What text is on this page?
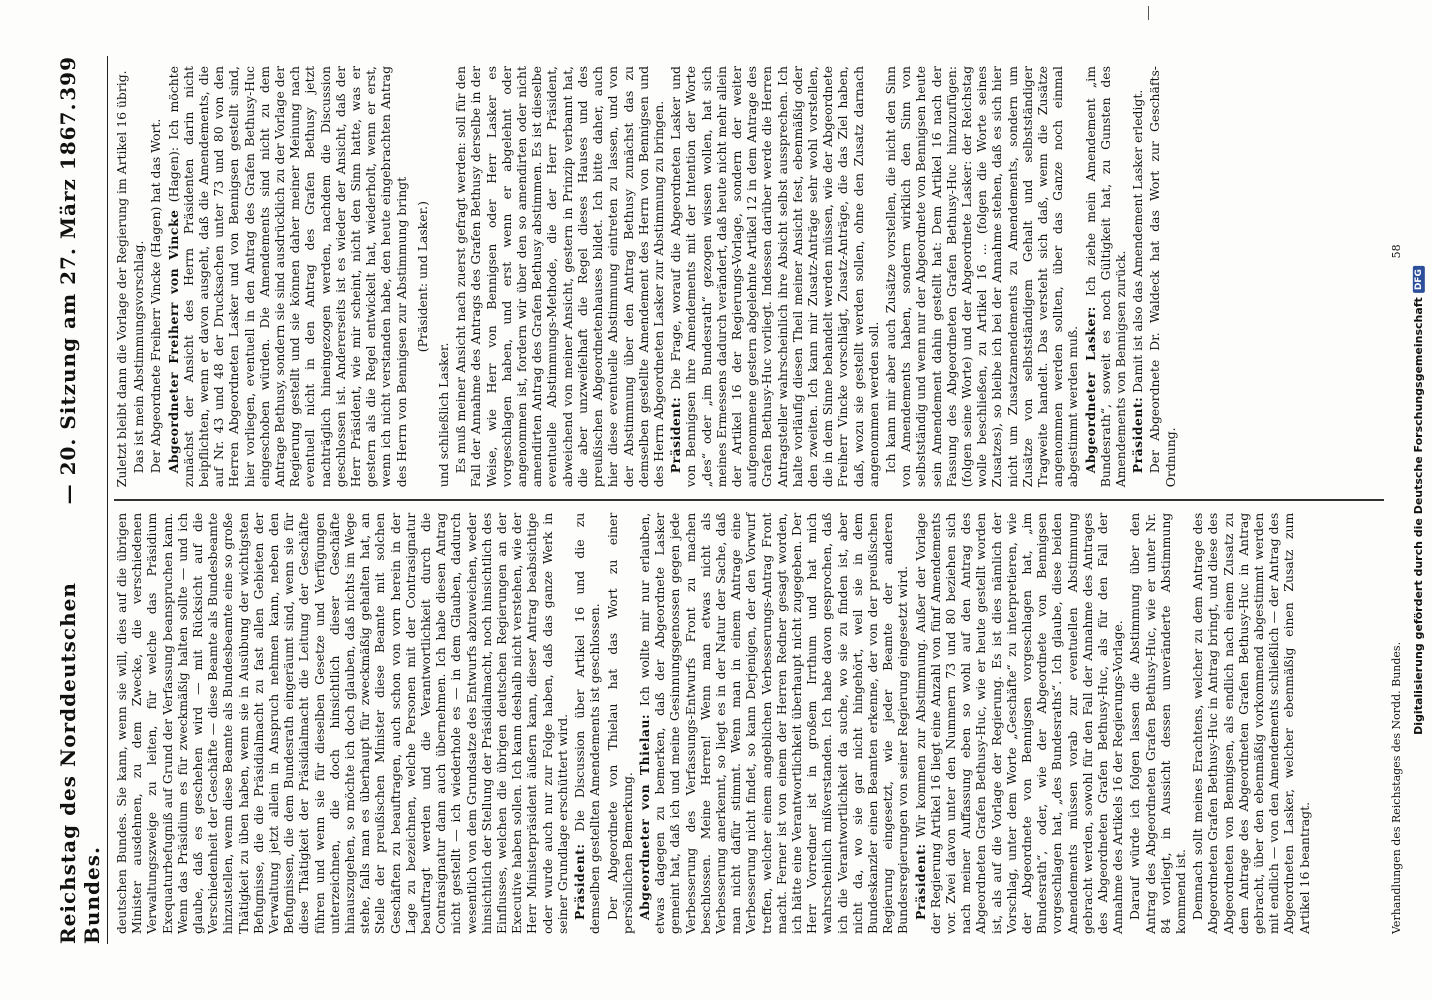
Reichstag des Norddeutschen Bundes.
— 20. Sitzung am 27. März 1867.
399

deutschen Bundes. Sie kann, wenn sie will, dies auf die übrigen Minister ausdehnen, zu dem Zwecke, die verschiedenen Verwaltungszweige zu leiten, für welche das Präsidium Exequaturbefugniß auf Grund der Verfassung beanspruchen kann. Wenn das Präsidium es für zweckmäßig halten sollte — und ich glaube, daß es geschehen wird — mit Rücksicht auf die Verschiedenheit der Geschäfte — diese Beamte als Bundesbeamte hinzustellen, wenn diese Beamte als Bundesbeamte eine so große Thätigkeit zu üben haben, wenn sie in Ausübung der wichtigsten Befugnisse, die die Präsidialmacht zu fast allen Gebieten der Verwaltung jetzt allein in Anspruch nehmen kann, neben den Befugnissen, die dem Bundesrath eingeräumt sind, wenn sie für diese Thätigkeit der Präsidialmacht die Leitung der Geschäfte führen und wenn sie für dieselben Gesetze und Verfügungen unterzeichnen, die doch hinsichtlich dieser Geschäfte hinauszugehen, so möchte ich doch glauben, daß nichts im Wege stehe, falls man es überhaupt für zweckmäßig gehalten hat, an Stelle der preußischen Minister diese Beamte mit solchen Geschäften zu beauftragen, auch schon von vorn herein in der Lage zu bezeichnen, welche Personen mit der Contrasignatur beauftragt werden und die Verantwortlichkeit durch die Contrasignatur dann auch übernehmen. Ich habe diesen Antrag nicht gestellt — ich wiederhole es — in dem Glauben, dadurch wesentlich von dem Grundsatze des Entwurfs abzuweichen, weder hinsichtlich der Stellung der Präsidialmacht, noch hinsichtlich des Einflusses, welchen die übrigen deutschen Regierungen an der Executive haben sollen. Ich kann deshalb nicht verstehen, wie der Herr Ministerpräsident äußern kann, dieser Antrag beabsichtige oder wurde auch nur zur Folge haben, daß das ganze Werk in seiner Grundlage erschüttert wird. Präsident: Die Discussion über Artikel 16 und die zu demselben gestellten Amendements ist geschlossen. Der Abgeordnete von Thielau hat das Wort zu einer persönlichen Bemerkung. Abgeordneter von Thielau: Ich wollte mir nur erlauben, etwas dagegen zu bemerken, daß der Abgeordnete Lasker gemeint hat, daß ich und meine Gesinnungsgenossen gegen jede Verbesserung des Verfassungs-Entwurfs Front zu machen beschlossen. Meine Herren! Wenn man etwas nicht als Verbesserung anerkennt, so liegt es in der Natur der Sache, daß man nicht dafür stimmt. Wenn man in einem Antrage eine Verbesserung nicht findet, so kann Derjenigen, der den Vorwurf treffen, welcher einem angeblichen Verbesserungs-Antrag Front macht. Ferner ist von einem der Herren Redner gesagt worden, ich hätte eine Verantwortlichkeit überhaupt nicht zugegeben. Der Herr Vorredner ist in großem Irrthum und hat mich wahrscheinlich mißverstanden. Ich habe davon gesprochen, daß ich die Verantwortlichkeit da suche, wo sie zu finden ist, aber nicht da, wo sie gar nicht hingehört, weil sie in dem Bundeskanzler einen Beamten erkenne, der von der preußischen Regierung eingesetzt, wie jeder Beamte der anderen Bundesregierungen von seiner Regierung eingesetzt wird. Präsident: Wir kommen zur Abstimmung. Außer der Vorlage der Regierung Artikel 16 liegt eine Anzahl von fünf Amendements vor. Zwei davon unter den Nummern 73 und 80 beziehen sich nach meiner Auffassung eben so wohl auf den Antrag des Abgeordneten Grafen Bethusy-Huc, wie er heute gestellt worden ist, als auf die Vorlage der Regierung. Es ist dies nämlich der Vorschlag, unter dem Worte „Geschäfte“ zu interpretieren, wie der Abgeordnete von Bennigsen vorgeschlagen hat, „im Bundesrath“, oder, wie der Abgeordnete von Bennigsen vorgeschlagen hat, „des Bundesraths“. Ich glaube, diese beiden Amendements müssen vorab zur eventuellen Abstimmung gebracht werden, sowohl für den Fall der Annahme des Antrages des Abgeordneten Grafen Bethusy-Huc, als für den Fall der Annahme des Artikels 16 der Regierungs-Vorlage. Darauf würde ich folgen lassen die Abstimmung über den Antrag des Abgeordneten Grafen Bethusy-Huc, wie er unter Nr. 84 vorliegt, in Aussicht dessen unveränderte Abstimmung kommend ist. Demnach sollt meines Erachtens, welcher zu dem Antrage des Abgeordneten Grafen Bethusy-Huc in Antrag bringt, und diese des Abgeordneten von Bennigsen, als endlich nach einem Zusatz zu dem Antrage des Abgeordneten Grafen Bethusy-Huc in Antrag gebracht, über den ebenmäßig vorkommend abgestimmt werden mit endlich — von den Amendements schließlich — der Antrag des Abgeordneten Lasker, welcher ebenmäßig einen Zusatz zum Artikel 16 beantragt.

Zuletzt bleibt dann die Vorlage der Regierung im Artikel 16 übrig. Das ist mein Abstimmungsvorschlag. Der Abgeordnete Freiherr Vincke (Hagen) hat das Wort. Abgeordneter Freiherr von Vincke (Hagen): Ich möchte zunächst der Ansicht des Herrn Präsidenten darin nicht beipflichten, wenn er davon ausgeht, daß die Amendements, die auf Nr. 43 und 48 der Drucksachen unter 73 und 80 von den Herren Abgeordneten Lasker und von Bennigsen gestellt sind, hier vorliegen, eventuell in den Antrag des Grafen Bethusy-Huc eingeschoben würden. Die Amendements sind nicht zu dem Antrage Bethusy, sondern sie sind ausdrücklich zu der Vorlage der Regierung gestellt und sie können daher meiner Meinung nach eventuell nicht in den Antrag des Grafen Bethusy jetzt nachträglich hineingezogen werden, nachdem die Discussion geschlossen ist. Andererseits ist es wieder der Ansicht, daß der Herr Präsident, wie mir scheint, nicht den Sinn hatte, was er gestern als die Regel entwickelt hat, wiederholt, wenn er erst, wenn ich nicht verstanden habe, den heute eingebrachten Antrag des Herrn von Bennigsen zur Abstimmung bringt (Präsident: und Lasker.)

und schließlich Lasker. Es muß meiner Ansicht nach zuerst gefragt werden: soll für den Fall der Annahme des Antrags des Grafen Bethusy derselbe in der Weise, wie Herr von Bennigsen oder Herr Lasker es vorgeschlagen haben, und erst wenn er abgelehnt oder angenommen ist, fordern wir über den so amendirten oder nicht amendirten Antrag des Grafen Bethusy abstimmen. Es ist dieselbe eventuelle Abstimmungs-Methode, die der Herr Präsident, abweichend von meiner Ansicht, gestern in Prinzip verbannt hat, die aber unzweifelhaft die Regel dieses Hauses und des preußischen Abgeordnetenhauses bildet. Ich bitte daher, auch hier diese eventuelle Abstimmung eintreten zu lassen, und von der Abstimmung über den Antrag Bethusy zunächst das zu demselben gestellte Amendement des Herrn von Bennigsen und des Herrn Abgeordneten Lasker zur Abstimmung zu bringen. Präsident: Die Frage, worauf die Abgeordneten Lasker und von Bennigsen ihre Amendements mit der Intention der Worte „des“ oder „im Bundesrath“ gezogen wissen wollen, hat sich meines Ermessens dadurch verändert, daß heute nicht mehr allein der Artikel 16 der Regierungs-Vorlage, sondern der weiter aufgenommene gestern abgelehnte Artikel 12 in dem Antrage des Grafen Bethusy-Huc vorliegt. Indessen darüber werde die Herren Antragsteller wahrscheinlich ihre Absicht selbst aussprechen. Ich halte vorläufig diesen Theil meiner Ansicht fest, ebenmäßig oder den zweiten. Ich kann mir Zusatz-Anträge sehr wohl vorstellen, die in dem Sinne behandelt werden müssen, wie der Abgeordnete Freiherr Vincke vorschlägt, Zusatz-Anträge, die das Ziel haben, daß, wozu sie gestellt werden sollen, ohne den Zusatz darnach angenommen werden soll. Ich kann mir aber auch Zusätze vorstellen, die nicht den Sinn von Amendements haben, sondern wirklich den Sinn von selbstständig und wenn nur der Abgeordnete von Bennigsen heute sein Amendement dahin gestellt hat: Dem Artikel 16 nach der Fassung des Abgeordneten Grafen Bethusy-Huc hinzuzufügen: (folgen seine Worte) und der Abgeordnete Lasker: der Reichstag wolle beschließen, zu Artikel 16 ... (folgen die Worte seines Zusatzes), so bleibe ich bei der Annahme stehen, daß es sich hier nicht um Zusatzamendements zu Amendements, sondern um Zusätze von selbstständigem Gehalt und selbstständiger Tragweite handelt. Das versteht sich daß, wenn die Zusätze angenommen werden sollten, über das Ganze noch einmal abgestimmt werden muß. Abgeordneter Lasker: Ich ziehe mein Amendement „im Bundesrath“, soweit es noch Gültigkeit hat, zu Gunsten des Amendements von Bennigsen zurück. Präsident: Damit ist also das Amendement Lasker erledigt. Der Abgeordnete Dr. Waldeck hat das Wort zur Geschäfts-Ordnung.

Verhandlungen des Reichstages des Nordd. Bundes. 58
Digitalisierung gefördert durch die Deutsche Forschungsgemeinschaft
DFG
